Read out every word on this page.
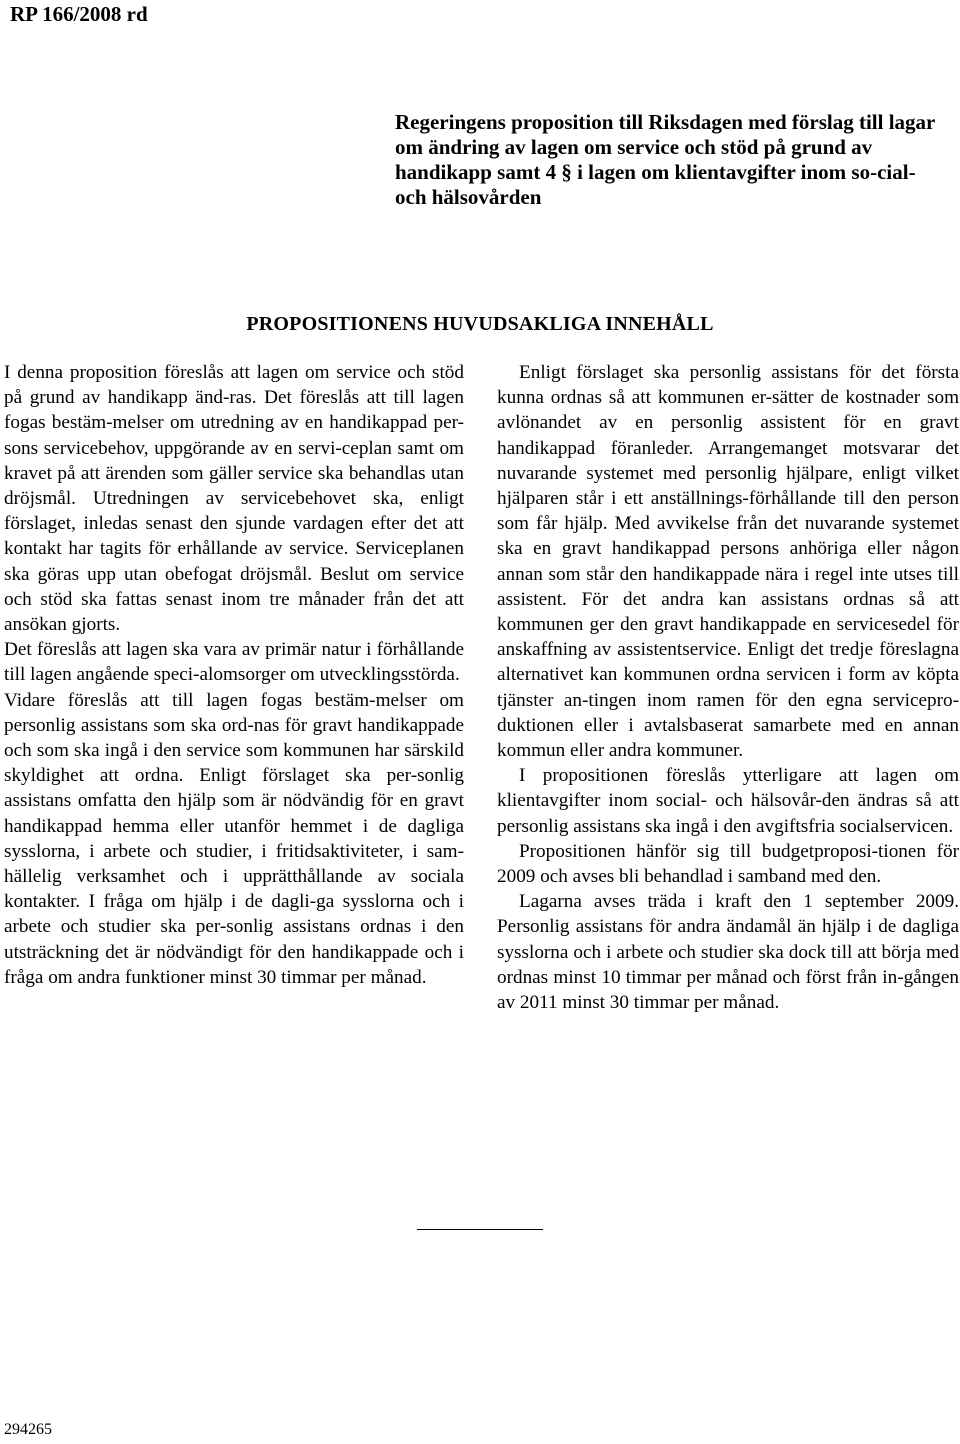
RP 166/2008 rd
Regeringens proposition till Riksdagen med förslag till lagar om ändring av lagen om service och stöd på grund av handikapp samt 4 § i lagen om klientavgifter inom so-cial- och hälsovården
PROPOSITIONENS HUVUDSAKLIGA INNEHÅLL

I denna proposition föreslås att lagen om service och stöd på grund av handikapp änd-ras. Det föreslås att till lagen fogas bestäm-melser om utredning av en handikappad per-sons servicebehov, uppgörande av en servi-ceplan samt om kravet på att ärenden som gäller service ska behandlas utan dröjsmål. Utredningen av servicebehovet ska, enligt förslaget, inledas senast den sjunde vardagen efter det att kontakt har tagits för erhållande av service. Serviceplanen ska göras upp utan obefogat dröjsmål. Beslut om service och stöd ska fattas senast inom tre månader från det att ansökan gjorts.

Det föreslås att lagen ska vara av primär natur i förhållande till lagen angående speci-alomsorger om utvecklingsstörda.

Vidare föreslås att till lagen fogas bestäm-melser om personlig assistans som ska ord-nas för gravt handikappade och som ska ingå i den service som kommunen har särskild skyldighet att ordna. Enligt förslaget ska per-sonlig assistans omfatta den hjälp som är nödvändig för en gravt handikappad hemma eller utanför hemmet i de dagliga sysslorna, i arbete och studier, i fritidsaktiviteter, i sam-hällelig verksamhet och i upprätthållande av sociala kontakter. I fråga om hjälp i de dagli-ga sysslorna och i arbete och studier ska per-sonlig assistans ordnas i den utsträckning det är nödvändigt för den handikappade och i fråga om andra funktioner minst 30 timmar per månad.

Enligt förslaget ska personlig assistans för det första kunna ordnas så att kommunen er-sätter de kostnader som avlönandet av en personlig assistent för en gravt handikappad föranleder. Arrangemanget motsvarar det nuvarande systemet med personlig hjälpare, enligt vilket hjälparen står i ett anställnings-förhållande till den person som får hjälp. Med avvikelse från det nuvarande systemet ska en gravt handikappad persons anhöriga eller någon annan som står den handikappade nära i regel inte utses till assistent. För det andra kan assistans ordnas så att kommunen ger den gravt handikappade en servicesedel för anskaffning av assistentservice. Enligt det tredje föreslagna alternativet kan kommunen ordna servicen i form av köpta tjänster an-tingen inom ramen för den egna servicepro-duktionen eller i avtalsbaserat samarbete med en annan kommun eller andra kommuner.

I propositionen föreslås ytterligare att lagen om klientavgifter inom social- och hälsovår-den ändras så att personlig assistans ska ingå i den avgiftsfria socialservicen.

Propositionen hänför sig till budgetproposi-tionen för 2009 och avses bli behandlad i samband med den.

Lagarna avses träda i kraft den 1 september 2009. Personlig assistans för andra ändamål än hjälp i de dagliga sysslorna och i arbete och studier ska dock till att börja med ordnas minst 10 timmar per månad och först från in-gången av 2011 minst 30 timmar per månad.

294265
